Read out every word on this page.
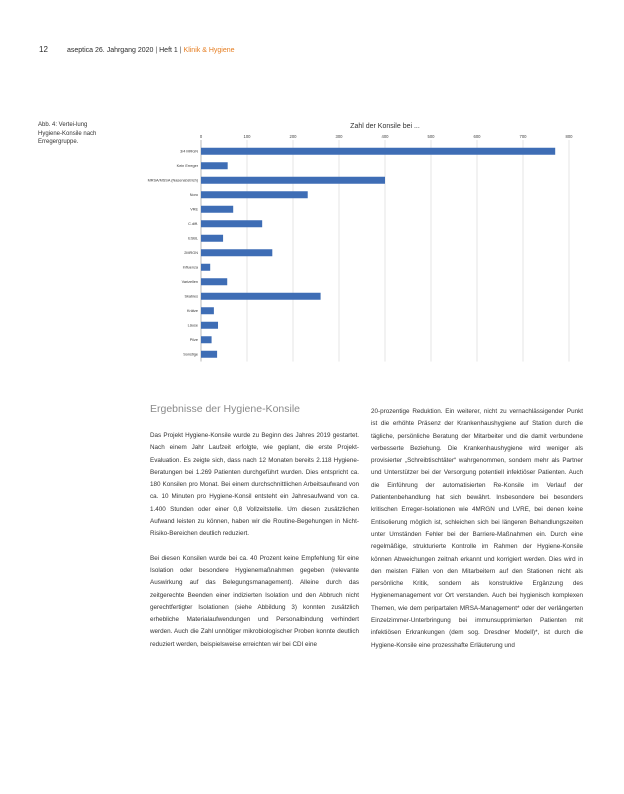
12	aseptica 26. Jahrgang 2020 | Heft 1 | Klinik & Hygiene
Abb. 4: Vertei-lung Hygiene-Konsile nach Erregergruppe.
Zahl der Konsile bei ...
0	100	200	300	400	500	600	700	800
3/4 MRGN
Kein Erreger
MRSA/MSSA (Nasenabstrich)
Noro
VRE
C.diff.
ESBL
2MRGN
Influenza
Varizellen
Skabies
Krätze
Läuse
Pilze
Sonstige
Ergebnisse der Hygiene-Konsile

Das Projekt Hygiene-Konsile wurde zu Beginn des Jahres 2019 gestartet. Nach einem Jahr Laufzeit erfolgte, wie geplant, die erste Projekt-Evaluation. Es zeigte sich, dass nach 12 Monaten bereits 2.118 Hygiene-Beratungen bei 1.269 Patienten durchgeführt wurden. Dies entspricht ca. 180 Konsilen pro Monat. Bei einem durchschnittlichen Arbeitsaufwand von ca. 10 Minuten pro Hygiene-Konsil entsteht ein Jahresaufwand von ca. 1.400 Stunden oder einer 0,8 Vollzeitstelle. Um diesen zusätzlichen Aufwand leisten zu können, haben wir die Routine-Begehungen in Nicht-Risiko-Bereichen deutlich reduziert.

Bei diesen Konsilen wurde bei ca. 40 Prozent keine Empfehlung für eine Isolation oder besondere Hygienemaßnahmen gegeben (relevante Auswirkung auf das Belegungsmanagement). Alleine durch das zeitgerechte Beenden einer indizierten Isolation und den Abbruch nicht gerechtfertigter Isolationen (siehe Abbildung 3) konnten zusätzlich erhebliche Materialaufwendungen und Personalbindung verhindert werden. Auch die Zahl unnötiger mikrobiologischer Proben konnte deutlich reduziert werden, beispielsweise erreichten wir bei CDI eine

20-prozentige Reduktion. Ein weiterer, nicht zu vernachlässigender Punkt ist die erhöhte Präsenz der Krankenhaushygiene auf Station durch die tägliche, persönliche Beratung der Mitarbeiter und die damit verbundene verbesserte Beziehung. Die Krankenhaushygiene wird weniger als provisierter „Schreibtischtäter“ wahrgenommen, sondern mehr als Partner und Unterstützer bei der Versorgung potentiell infektiöser Patienten. Auch die Einführung der automatisierten Re-Konsile im Verlauf der Patientenbehandlung hat sich bewährt. Insbesondere bei besonders kritischen Erreger-Isolationen wie 4MRGN und LVRE, bei denen keine Entisolierung möglich ist, schleichen sich bei längeren Behandlungszeiten unter Umständen Fehler bei der Barriere-Maßnahmen ein. Durch eine regelmäßige, strukturierte Kontrolle im Rahmen der Hygiene-Konsile können Abweichungen zeitnah erkannt und korrigiert werden. Dies wird in den meisten Fällen von den Mitarbeitern auf den Stationen nicht als persönliche Kritik, sondern als konstruktive Ergänzung des Hygienemanagement vor Ort verstanden. Auch bei hygienisch komplexen Themen, wie dem peripartalen MRSA-Management* oder der verlängerten Einzelzimmer-Unterbringung bei immunsupprimierten Patienten mit infektiösen Erkrankungen (dem sog. Dresdner Modell)*, ist durch die Hygiene-Konsile eine prozesshafte Erläuterung und
